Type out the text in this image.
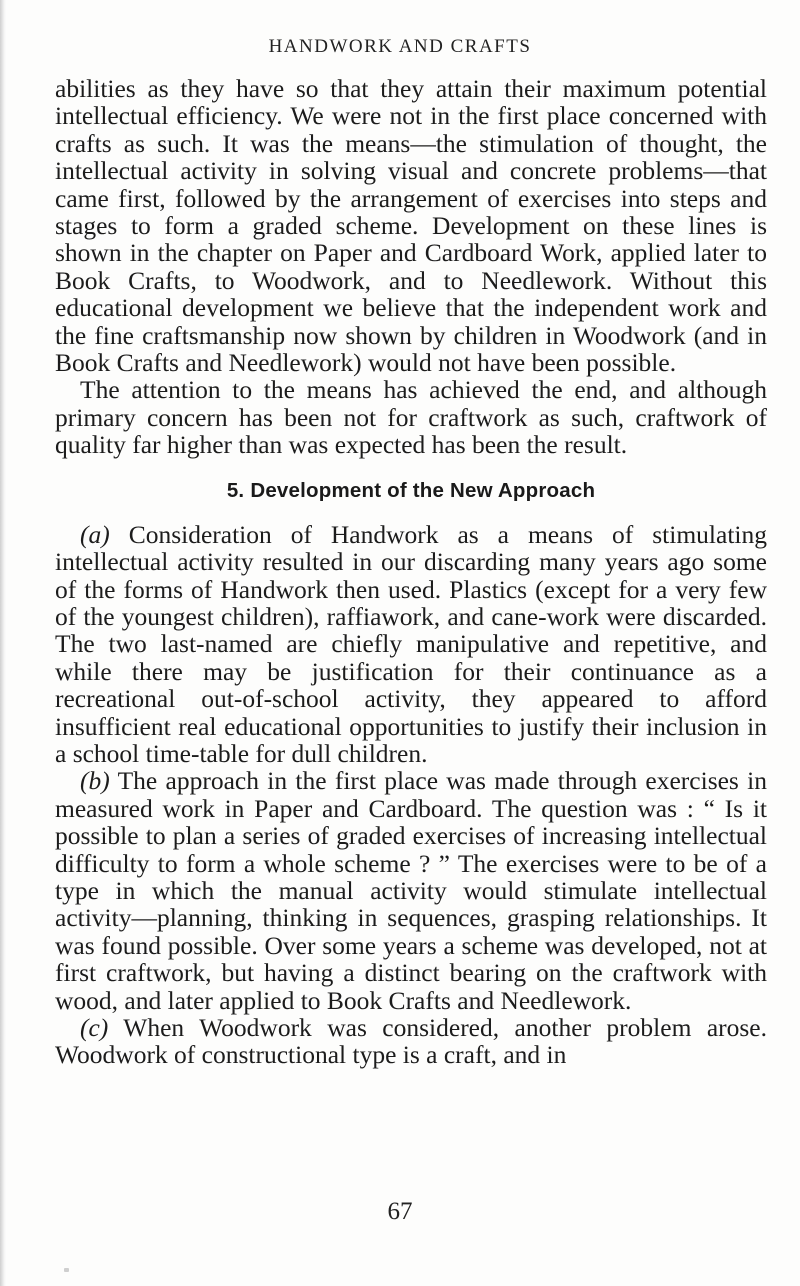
HANDWORK AND CRAFTS

abilities as they have so that they attain their maximum potential intellectual efficiency. We were not in the first place concerned with crafts as such. It was the means—the stimulation of thought, the intellectual activity in solving visual and concrete problems—that came first, followed by the arrangement of exercises into steps and stages to form a graded scheme. Development on these lines is shown in the chapter on Paper and Cardboard Work, applied later to Book Crafts, to Woodwork, and to Needlework. Without this educational development we believe that the independent work and the fine craftsmanship now shown by children in Woodwork (and in Book Crafts and Needlework) would not have been possible.

The attention to the means has achieved the end, and although primary concern has been not for craftwork as such, craftwork of quality far higher than was expected has been the result.

5. Development of the New Approach

(a) Consideration of Handwork as a means of stimulating intellectual activity resulted in our discarding many years ago some of the forms of Handwork then used. Plastics (except for a very few of the youngest children), raffiawork, and cane-work were discarded. The two last-named are chiefly manipulative and repetitive, and while there may be justification for their continuance as a recreational out-of-school activity, they appeared to afford insufficient real educational opportunities to justify their inclusion in a school time-table for dull children.

(b) The approach in the first place was made through exercises in measured work in Paper and Cardboard. The question was : “ Is it possible to plan a series of graded exercises of increasing intellectual difficulty to form a whole scheme ? ” The exercises were to be of a type in which the manual activity would stimulate intellectual activity—planning, thinking in sequences, grasping relationships. It was found possible. Over some years a scheme was developed, not at first craftwork, but having a distinct bearing on the craftwork with wood, and later applied to Book Crafts and Needlework.

(c) When Woodwork was considered, another problem arose. Woodwork of constructional type is a craft, and in

67
